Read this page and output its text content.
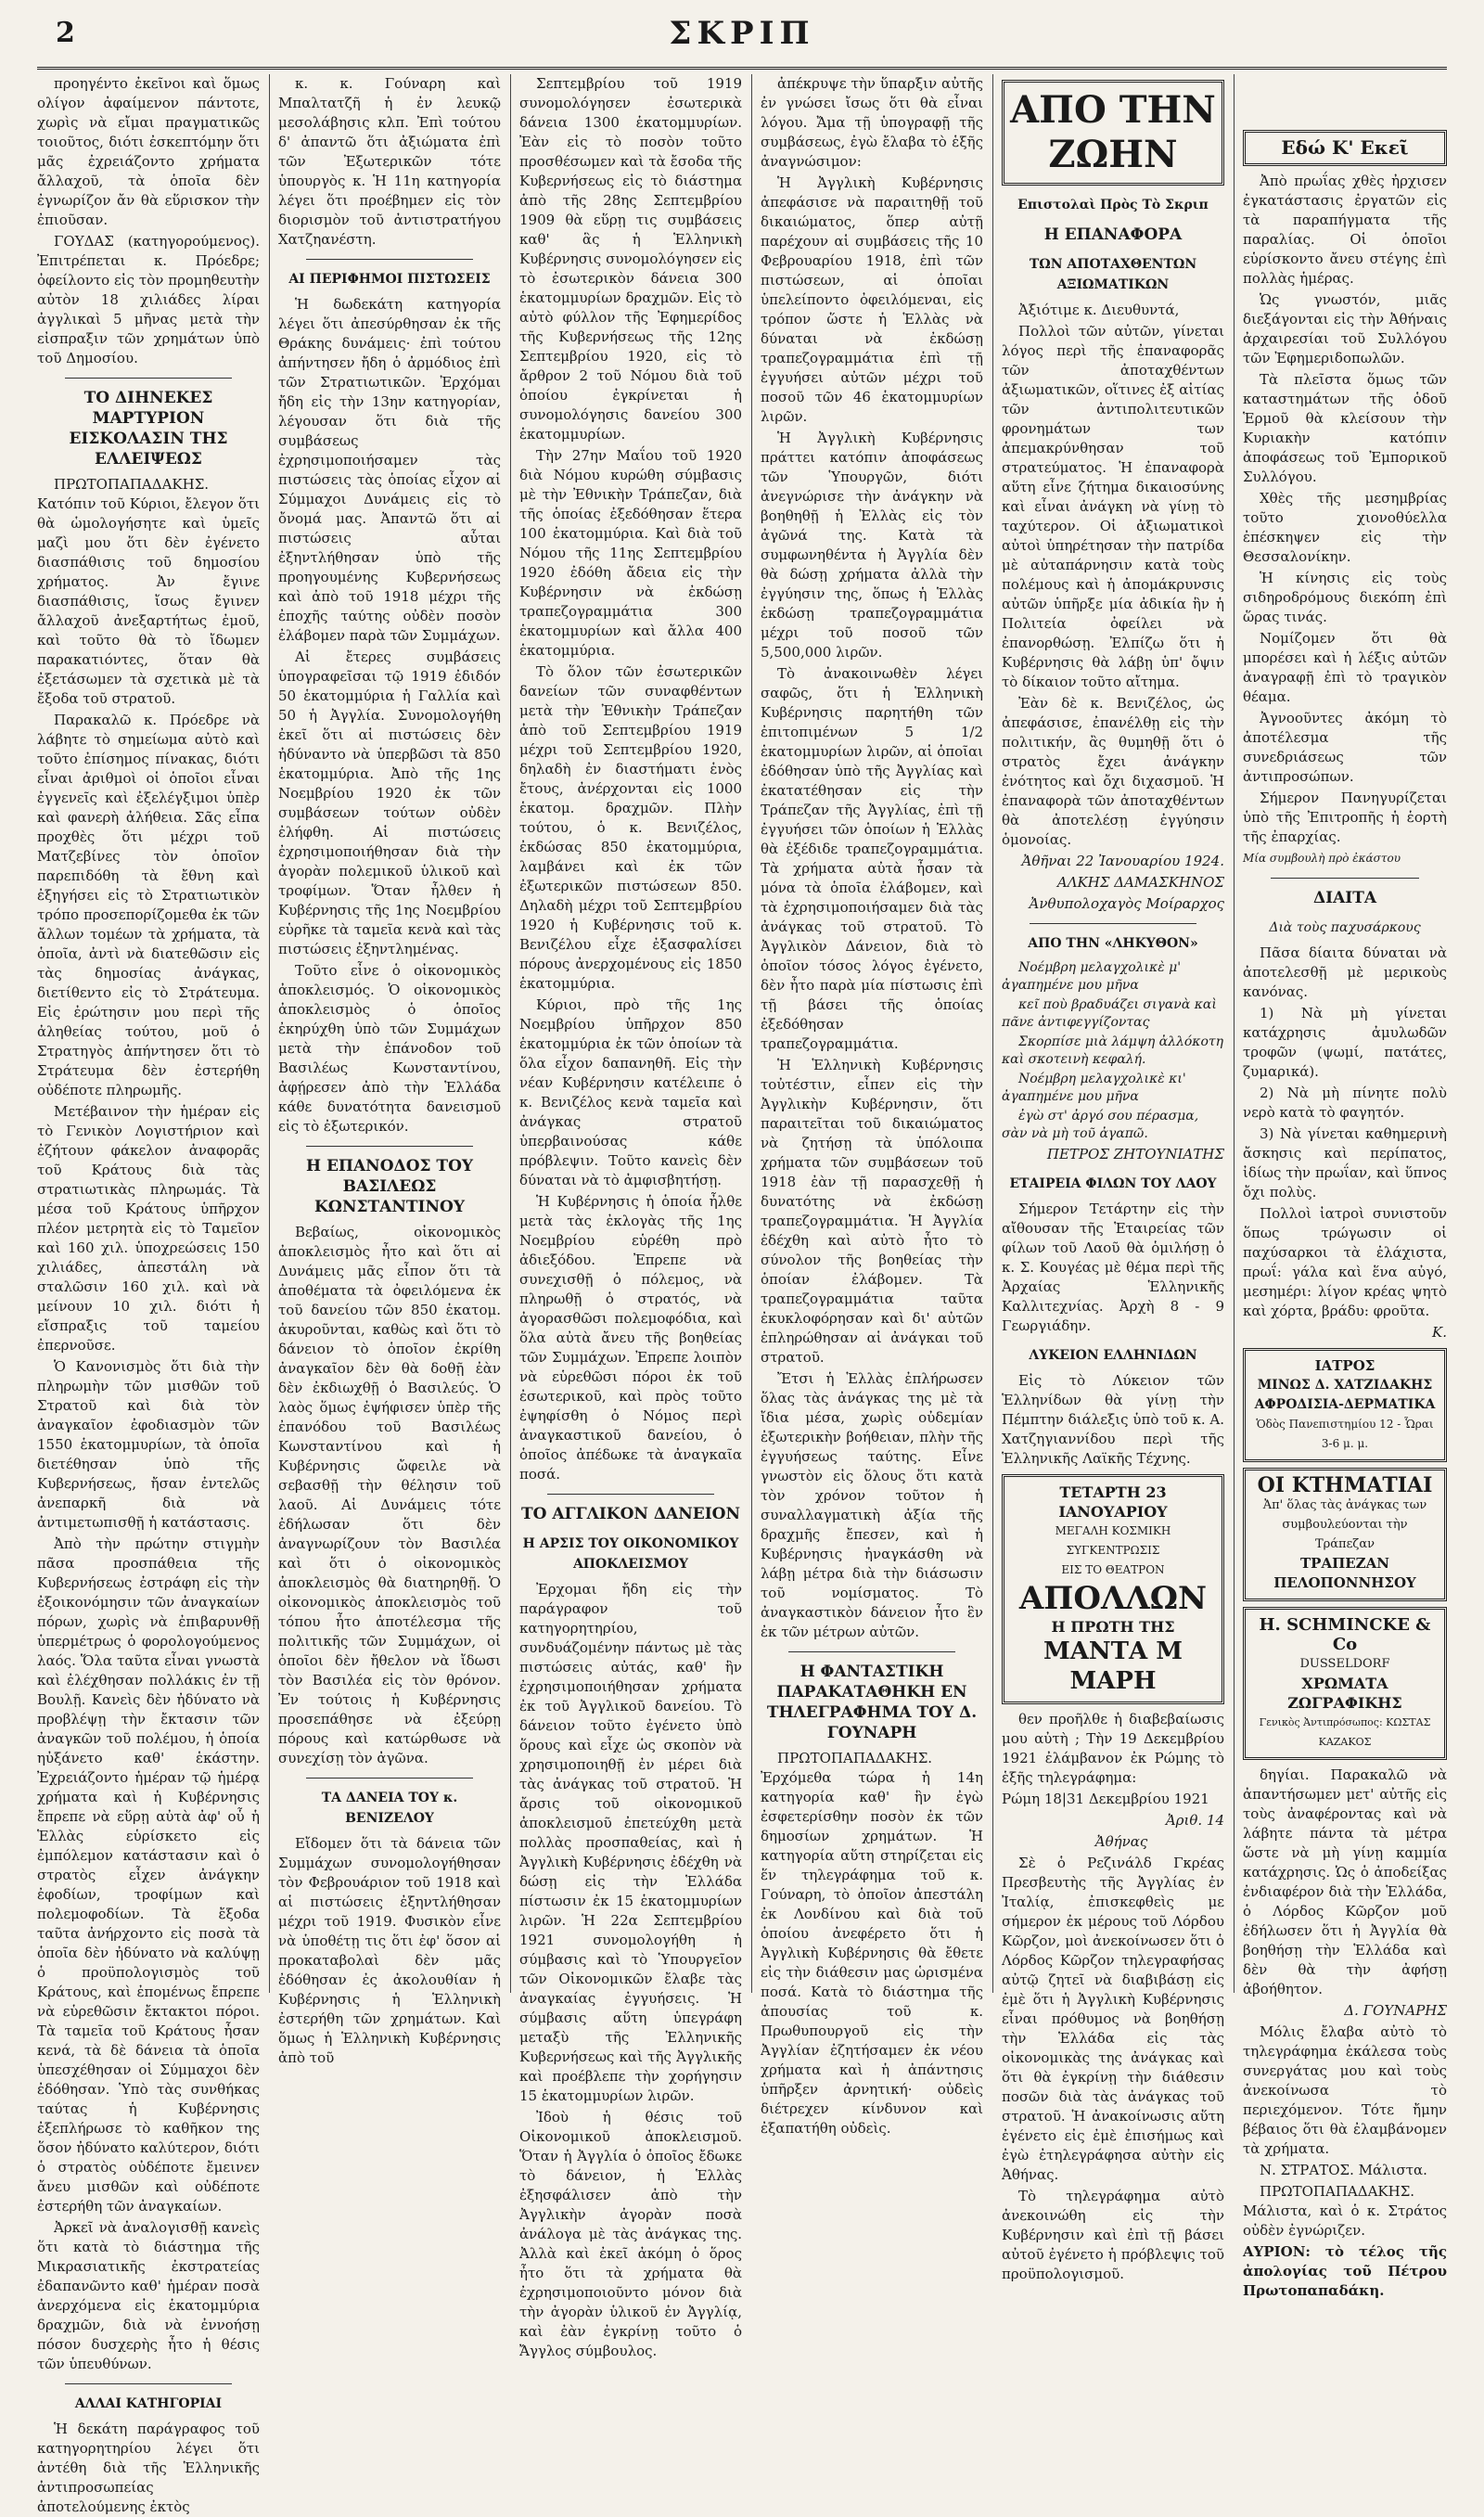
2	ΣΚΡΙΠ

προηγέντο ἐκεῖνοι καὶ ὅμως ολίγον ἀφαίμενον πάντοτε, χωρὶς νὰ εἴμαι πραγματικῶς τοιοῦτος, διότι ἐσκεπτόμην ὅτι μᾶς ἐχρειάζοντο χρήματα ἄλλαχοῦ, τὰ ὁποῖα δὲν ἐγνωρίζον ἄν θὰ εὕρισκον τὴν ἐπιοῦσαν.

ΓΟΥΔΑΣ (κατηγορούμενος). Ἐπιτρέπεται κ. Πρόεδρε; ὀφείλοντο εἰς τὸν προμηθευτὴν αὐτὸν 18 χιλιάδες λίραι ἀγγλικαὶ 5 μῆνας μετὰ τὴν εἰσπραξιν τῶν χρημάτων ὑπὸ τοῦ Δημοσίου.

ΤΟ ΔΙΗΝΕΚΕΣ ΜΑΡΤΥΡΙΟΝ ΕΙΣΚΟΛΑΣΙΝ ΤΗΣ ΕΛΛΕΙΨΕΩΣ

ΠΡΩΤΟΠΑΠΑΔΑΚΗΣ. Κατόπιν τοῦ Κύριοι, ἔλεγον ὅτι θὰ ὡμολογήσητε καὶ ὑμεῖς μαζὶ μου ὅτι δὲν ἐγένετο διασπάθισις τοῦ δημοσίου χρήματος. Ἀν ἔγινε διασπάθισις, ἴσως ἔγινεν ἄλλαχοῦ ἀνεξαρτήτως ἐμοῦ, καὶ τοῦτο θὰ τὸ ἴδωμεν παρακατιόντες, ὅταν θὰ ἐξετάσωμεν τὰ σχετικὰ μὲ τὰ ἔξοδα τοῦ στρατοῦ.

Παρακαλῶ κ. Πρόεδρε νὰ λάβητε τὸ σημείωμα αὐτὸ καὶ τοῦτο ἐπίσημος πίνακας, διότι εἶναι ἀριθμοὶ οἱ ὁποῖοι εἶναι ἐγγενεῖς καὶ ἐξελέγξιμοι ὑπὲρ καὶ φανερὴ ἀλήθεια. Σᾶς εἶπα προχθὲς ὅτι μέχρι τοῦ Ματζεβίνες τὸν ὁποῖον παρεπιδόθη τὰ ἔθνη καὶ ἐξηγήσει εἰς τὸ Στρατιωτικὸν τρόπο προσεπορίζομεθα ἐκ τῶν ἄλλων τομέων τὰ χρήματα, τὰ ὁποῖα, ἀντὶ νὰ διατεθῶσιν εἰς τὰς δημοσίας ἀνάγκας, διετίθεντο εἰς τὸ Στράτευμα. Εἰς ἐρώτησιν μου περὶ τῆς ἀληθείας τούτου, μοῦ ὁ Στρατηγὸς ἀπήντησεν ὅτι τὸ Στράτευμα δὲν ἐστερήθη οὐδέποτε πληρωμῆς.

Μετέβαινον τὴν ἡμέραν εἰς τὸ Γενικὸν Λογιστήριον καὶ ἐζήτουν φάκελον ἀναφορᾶς τοῦ Κράτους διὰ τὰς στρατιωτικὰς πληρωμάς. Τὰ μέσα τοῦ Κράτους ὑπῆρχον πλέον μετρητὰ εἰς τὸ Ταμεῖον καὶ 160 χιλ. ὑποχρεώσεις 150 χιλιάδες, ἀπεστάλη νὰ σταλῶσιν 160 χιλ. καὶ νὰ μείνουν 10 χιλ. διότι ἡ εἴσπραξις τοῦ ταμείου ἐπερνοῦσε.

Ὁ Κανονισμὸς ὅτι διὰ τὴν πληρωμὴν τῶν μισθῶν τοῦ Στρατοῦ καὶ διὰ τὸν ἀναγκαῖον ἐφοδιασμὸν τῶν 1550 ἑκατομμυρίων, τὰ ὁποῖα διετέθησαν ὑπὸ τῆς Κυβερνήσεως, ἤσαν ἐντελῶς ἀνεπαρκῆ διὰ νὰ ἀντιμετωπισθῇ ἡ κατάστασις.

Ἀπὸ τὴν πρώτην στιγμὴν πᾶσα προσπάθεια τῆς Κυβερνήσεως ἐστράφη εἰς τὴν ἐξοικονόμησιν τῶν ἀναγκαίων πόρων, χωρὶς νὰ ἐπιβαρυνθῇ ὑπερμέτρως ὁ φορολογούμενος λαός. Ὅλα ταῦτα εἶναι γνωστὰ καὶ ἐλέχθησαν πολλάκις ἐν τῇ Βουλῇ. Κανεὶς δὲν ἠδύνατο νὰ προβλέψῃ τὴν ἔκτασιν τῶν ἀναγκῶν τοῦ πολέμου, ἡ ὁποία ηὐξάνετο καθ' ἑκάστην. Ἐχρειάζοντο ἡμέραν τῷ ἡμέρᾳ χρήματα καὶ ἡ Κυβέρνησις ἔπρεπε νὰ εὕρῃ αὐτὰ ἀφ' οὗ ἡ Ἑλλὰς εὑρίσκετο εἰς ἐμπόλεμον κατάστασιν καὶ ὁ στρατὸς εἶχεν ἀνάγκην ἐφοδίων, τροφίμων καὶ πολεμοφοδίων. Τὰ ἔξοδα ταῦτα ἀνήρχοντο εἰς ποσὰ τὰ ὁποῖα δὲν ἠδύνατο νὰ καλύψῃ ὁ προϋπολογισμὸς τοῦ Κράτους, καὶ ἐπομένως ἔπρεπε νὰ εὑρεθῶσιν ἔκτακτοι πόροι. Τὰ ταμεῖα τοῦ Κράτους ἦσαν κενά, τὰ δὲ δάνεια τὰ ὁποῖα ὑπεσχέθησαν οἱ Σύμμαχοι δὲν ἐδόθησαν. Ὑπὸ τὰς συνθήκας ταύτας ἡ Κυβέρνησις ἐξεπλήρωσε τὸ καθῆκον της ὅσον ἠδύνατο καλύτερον, διότι ὁ στρατὸς οὐδέποτε ἔμεινεν ἄνευ μισθῶν καὶ οὐδέποτε ἐστερήθη τῶν ἀναγκαίων.

Ἀρκεῖ νὰ ἀναλογισθῇ κανεὶς ὅτι κατὰ τὸ διάστημα τῆς Μικρασιατικῆς ἐκστρατείας ἐδαπανῶντο καθ' ἡμέραν ποσὰ ἀνερχόμενα εἰς ἑκατομμύρια δραχμῶν, διὰ νὰ ἐννοήσῃ πόσον δυσχερὴς ἦτο ἡ θέσις τῶν ὑπευθύνων.

ΑΛΛΑΙ ΚΑΤΗΓΟΡΙΑΙ

Ἡ δεκάτη παράγραφος τοῦ κατηγορητηρίου λέγει ὅτι ἀντέθη διὰ τῆς Ἑλληνικῆς ἀντιπροσωπείας ἀποτελούμενης ἐκτὸς

κ. κ. Γούναρη καὶ Μπαλτατζῆ ἡ ἐν λευκῷ μεσολάβησις κλπ. Ἐπὶ τούτου δ' ἀπαντῶ ὅτι ἀξιώματα ἐπὶ τῶν Ἐξωτερικῶν τότε ὑπουργὸς κ. Ἡ 11η κατηγορία λέγει ὅτι προέβημεν εἰς τὸν διορισμὸν τοῦ ἀντιστρατήγου Χατζηανέστη.

ΑΙ ΠΕΡΙΦΗΜΟΙ ΠΙΣΤΩΣΕΙΣ

Ἡ δωδεκάτη κατηγορία λέγει ὅτι ἀπεσύρθησαν ἐκ τῆς Θράκης δυνάμεις· ἐπὶ τούτου ἀπήντησεν ἤδη ὁ ἀρμόδιος ἐπὶ τῶν Στρατιωτικῶν. Ἐρχόμαι ἤδη εἰς τὴν 13ην κατηγορίαν, λέγουσαν ὅτι διὰ τῆς συμβάσεως ἐχρησιμοποιήσαμεν τὰς πιστώσεις τὰς ὁποίας εἶχον αἱ Σύμμαχοι Δυνάμεις εἰς τὸ ὄνομά μας. Ἀπαντῶ ὅτι αἱ πιστώσεις αὗται ἐξηντλήθησαν ὑπὸ τῆς προηγουμένης Κυβερνήσεως καὶ ἀπὸ τοῦ 1918 μέχρι τῆς ἐποχῆς ταύτης οὐδὲν ποσὸν ἐλάβομεν παρὰ τῶν Συμμάχων.

Αἱ ἔτερες συμβάσεις ὑπογραφεῖσαι τῷ 1919 ἐδιδόν 50 ἑκατομμύρια ἡ Γαλλία καὶ 50 ἡ Ἀγγλία. Συνομολογήθη ἐκεῖ ὅτι αἱ πιστώσεις δὲν ἠδύναντο νὰ ὑπερβῶσι τὰ 850 ἑκατομμύρια. Ἀπὸ τῆς 1ης Νοεμβρίου 1920 ἐκ τῶν συμβάσεων τούτων οὐδὲν ἐλήφθη. Αἱ πιστώσεις ἐχρησιμοποιήθησαν διὰ τὴν ἀγορὰν πολεμικοῦ ὑλικοῦ καὶ τροφίμων. Ὅταν ἦλθεν ἡ Κυβέρνησις τῆς 1ης Νοεμβρίου εὑρῆκε τὰ ταμεῖα κενὰ καὶ τὰς πιστώσεις ἐξηντλημένας.

Τοῦτο εἶνε ὁ οἰκονομικὸς ἀποκλεισμός. Ὁ οἰκονομικὸς ἀποκλεισμὸς ὁ ὁποῖος ἐκηρύχθη ὑπὸ τῶν Συμμάχων μετὰ τὴν ἐπάνοδον τοῦ Βασιλέως Κωνσταντίνου, ἀφῄρεσεν ἀπὸ τὴν Ἑλλάδα κάθε δυνατότητα δανεισμοῦ εἰς τὸ ἐξωτερικόν.

Η ΕΠΑΝΟΔΟΣ ΤΟΥ ΒΑΣΙΛΕΩΣ ΚΩΝΣΤΑΝΤΙΝΟΥ

Βεβαίως, οἰκονομικὸς ἀποκλεισμὸς ἦτο καὶ ὅτι αἱ Δυνάμεις μᾶς εἶπον ὅτι τὰ ἀποθέματα τὰ ὀφειλόμενα ἐκ τοῦ δανείου τῶν 850 ἑκατομ. ἀκυροῦνται, καθὼς καὶ ὅτι τὸ δάνειον τὸ ὁποῖον ἐκρίθη ἀναγκαῖον δὲν θὰ δοθῇ ἐὰν δὲν ἐκδιωχθῇ ὁ Βασιλεύς. Ὁ λαὸς ὅμως ἐψήφισεν ὑπὲρ τῆς ἐπανόδου τοῦ Βασιλέως Κωνσταντίνου καὶ ἡ Κυβέρνησις ὤφειλε νὰ σεβασθῇ τὴν θέλησιν τοῦ λαοῦ. Αἱ Δυνάμεις τότε ἐδήλωσαν ὅτι δὲν ἀναγνωρίζουν τὸν Βασιλέα καὶ ὅτι ὁ οἰκονομικὸς ἀποκλεισμὸς θὰ διατηρηθῇ. Ὁ οἰκονομικὸς ἀποκλεισμὸς τοῦ τόπου ἦτο ἀποτέλεσμα τῆς πολιτικῆς τῶν Συμμάχων, οἱ ὁποῖοι δὲν ἤθελον νὰ ἴδωσι τὸν Βασιλέα εἰς τὸν θρόνον. Ἐν τούτοις ἡ Κυβέρνησις προσεπάθησε νὰ ἐξεύρῃ πόρους καὶ κατώρθωσε νὰ συνεχίσῃ τὸν ἀγῶνα.

ΤΑ ΔΑΝΕΙΑ ΤΟΥ κ. ΒΕΝΙΖΕΛΟΥ

Εἴδομεν ὅτι τὰ δάνεια τῶν Συμμάχων συνομολογήθησαν τὸν Φεβρουάριον τοῦ 1918 καὶ αἱ πιστώσεις ἐξηντλήθησαν μέχρι τοῦ 1919. Φυσικὸν εἶνε νὰ ὑποθέτῃ τις ὅτι ἐφ' ὅσον αἱ προκαταβολαὶ δὲν μᾶς ἐδόθησαν ἐς ἀκολουθίαν ἡ Κυβέρνησις ἡ Ἑλληνικὴ ἐστερήθη τῶν χρημάτων. Καὶ ὅμως ἡ Ἑλληνικὴ Κυβέρνησις ἀπὸ τοῦ

Σεπτεμβρίου τοῦ 1919 συνομολόγησεν ἐσωτερικὰ δάνεια 1300 ἑκατομμυρίων. Ἐὰν εἰς τὸ ποσὸν τοῦτο προσθέσωμεν καὶ τὰ ἔσοδα τῆς Κυβερνήσεως εἰς τὸ διάστημα ἀπὸ τῆς 28ης Σεπτεμβρίου 1909 θὰ εὕρῃ τις συμβάσεις καθ' ἃς ἡ Ἑλληνικὴ Κυβέρνησις συνομολόγησεν εἰς τὸ ἐσωτερικὸν δάνεια 300 ἑκατομμυρίων δραχμῶν. Εἰς τὸ αὐτὸ φύλλον τῆς Ἐφημερίδος τῆς Κυβερνήσεως τῆς 12ης Σεπτεμβρίου 1920, εἰς τὸ ἄρθρον 2 τοῦ Νόμου διὰ τοῦ ὁποίου ἐγκρίνεται ἡ συνομολόγησις δανείου 300 ἑκατομμυρίων.

Τὴν 27ην Μαΐου τοῦ 1920 διὰ Νόμου κυρώθη σύμβασις μὲ τὴν Ἐθνικὴν Τράπεζαν, διὰ τῆς ὁποίας ἐξεδόθησαν ἕτερα 100 ἑκατομμύρια. Καὶ διὰ τοῦ Νόμου τῆς 11ης Σεπτεμβρίου 1920 ἐδόθη ἄδεια εἰς τὴν Κυβέρνησιν νὰ ἐκδώσῃ τραπεζογραμμάτια 300 ἑκατομμυρίων καὶ ἄλλα 400 ἑκατομμύρια.

Τὸ ὅλον τῶν ἐσωτερικῶν δανείων τῶν συναφθέντων μετὰ τὴν Ἐθνικὴν Τράπεζαν ἀπὸ τοῦ Σεπτεμβρίου 1919 μέχρι τοῦ Σεπτεμβρίου 1920, δηλαδὴ ἐν διαστήματι ἑνὸς ἔτους, ἀνέρχονται εἰς 1000 ἑκατομ. δραχμῶν. Πλὴν τούτου, ὁ κ. Βενιζέλος, ἐκδώσας 850 ἑκατομμύρια, λαμβάνει καὶ ἐκ τῶν ἐξωτερικῶν πιστώσεων 850. Δηλαδὴ μέχρι τοῦ Σεπτεμβρίου 1920 ἡ Κυβέρνησις τοῦ κ. Βενιζέλου εἶχε ἐξασφαλίσει πόρους ἀνερχομένους εἰς 1850 ἑκατομμύρια.

Κύριοι, πρὸ τῆς 1ης Νοεμβρίου ὑπῆρχον 850 ἑκατομμύρια ἐκ τῶν ὁποίων τὰ ὅλα εἶχον δαπανηθῆ. Εἰς τὴν νέαν Κυβέρνησιν κατέλειπε ὁ κ. Βενιζέλος κενὰ ταμεῖα καὶ ἀνάγκας στρατοῦ ὑπερβαινούσας κάθε πρόβλεψιν. Τοῦτο κανεὶς δὲν δύναται νὰ τὸ ἀμφισβητήσῃ.

Ἡ Κυβέρνησις ἡ ὁποία ἦλθε μετὰ τὰς ἐκλογὰς τῆς 1ης Νοεμβρίου εὑρέθη πρὸ ἀδιεξόδου. Ἐπρεπε νὰ συνεχισθῇ ὁ πόλεμος, νὰ πληρωθῇ ὁ στρατός, νὰ ἀγορασθῶσι πολεμοφόδια, καὶ ὅλα αὐτὰ ἄνευ τῆς βοηθείας τῶν Συμμάχων. Ἐπρεπε λοιπὸν νὰ εὑρεθῶσι πόροι ἐκ τοῦ ἐσωτερικοῦ, καὶ πρὸς τοῦτο ἐψηφίσθη ὁ Νόμος περὶ ἀναγκαστικοῦ δανείου, ὁ ὁποῖος ἀπέδωκε τὰ ἀναγκαῖα ποσά.

ΤΟ ΑΓΓΛΙΚΟΝ ΔΑΝΕΙΟΝ
Η ΑΡΣΙΣ ΤΟΥ ΟΙΚΟΝΟΜΙΚΟΥ ΑΠΟΚΛΕΙΣΜΟΥ

Ἐρχομαι ἤδη εἰς τὴν παράγραφον τοῦ κατηγορητηρίου, συνδυάζομένην πάντως μὲ τὰς πιστώσεις αὐτάς, καθ' ἣν ἐχρησιμοποιήθησαν χρήματα ἐκ τοῦ Ἀγγλικοῦ δανείου. Τὸ δάνειον τοῦτο ἐγένετο ὑπὸ ὅρους καὶ εἶχε ὡς σκοπὸν νὰ χρησιμοποιηθῇ ἐν μέρει διὰ τὰς ἀνάγκας τοῦ στρατοῦ. Ἡ ἄρσις τοῦ οἰκονομικοῦ ἀποκλεισμοῦ ἐπετεύχθη μετὰ πολλὰς προσπαθείας, καὶ ἡ Ἀγγλικὴ Κυβέρνησις ἐδέχθη νὰ δώσῃ εἰς τὴν Ἑλλάδα πίστωσιν ἐκ 15 ἑκατομμυρίων λιρῶν. Ἡ 22α Σεπτεμβρίου 1921 συνομολογήθη ἡ σύμβασις καὶ τὸ Ὑπουργεῖον τῶν Οἰκονομικῶν ἔλαβε τὰς ἀναγκαίας ἐγγυήσεις. Ἡ σύμβασις αὕτη ὑπεγράφη μεταξὺ τῆς Ἑλληνικῆς Κυβερνήσεως καὶ τῆς Ἀγγλικῆς καὶ προέβλεπε τὴν χορήγησιν 15 ἑκατομμυρίων λιρῶν.

Ἰδοὺ ἡ θέσις τοῦ Οἰκονομικοῦ ἀποκλεισμοῦ. Ὅταν ἡ Ἀγγλία ὁ ὁποῖος ἔδωκε τὸ δάνειον, ἡ Ἑλλὰς ἐξησφάλισεν ἀπὸ τὴν Ἀγγλικὴν ἀγορὰν ποσὰ ἀνάλογα μὲ τὰς ἀνάγκας της. Ἀλλὰ καὶ ἐκεῖ ἀκόμη ὁ ὅρος ἦτο ὅτι τὰ χρήματα θὰ ἐχρησιμοποιοῦντο μόνον διὰ τὴν ἀγορὰν ὑλικοῦ ἐν Ἀγγλίᾳ, καὶ ἐὰν ἐγκρίνῃ τοῦτο ὁ Ἄγγλος σύμβουλος.

ἀπέκρυψε τὴν ὕπαρξιν αὐτῆς ἐν γνώσει ἴσως ὅτι θὰ εἶναι λόγου. Ἄμα τῇ ὑπογραφῇ τῆς συμβάσεως, ἐγὼ ἔλαβα τὸ ἑξῆς ἀναγνώσιμον:

Ἡ Ἀγγλικὴ Κυβέρνησις ἀπεφάσισε νὰ παραιτηθῇ τοῦ δικαιώματος, ὅπερ αὐτῇ παρέχουν αἱ συμβάσεις τῆς 10 Φεβρουαρίου 1918, ἐπὶ τῶν πιστώσεων, αἱ ὁποῖαι ὑπελείποντο ὀφειλόμεναι, εἰς τρόπον ὥστε ἡ Ἑλλὰς νὰ δύναται νὰ ἐκδώσῃ τραπεζογραμμάτια ἐπὶ τῇ ἐγγυήσει αὐτῶν μέχρι τοῦ ποσοῦ τῶν 46 ἑκατομμυρίων λιρῶν.

Ἡ Ἀγγλικὴ Κυβέρνησις πράττει κατόπιν ἀποφάσεως τῶν Ὑπουργῶν, διότι ἀνεγνώρισε τὴν ἀνάγκην νὰ βοηθηθῇ ἡ Ἑλλὰς εἰς τὸν ἀγῶνά της. Κατὰ τὰ συμφωνηθέντα ἡ Ἀγγλία δὲν θὰ δώσῃ χρήματα ἀλλὰ τὴν ἐγγύησιν της, ὅπως ἡ Ἑλλὰς ἐκδώσῃ τραπεζογραμμάτια μέχρι τοῦ ποσοῦ τῶν 5,500,000 λιρῶν.

Τὸ ἀνακοινωθὲν λέγει σαφῶς, ὅτι ἡ Ἑλληνικὴ Κυβέρνησις παρητήθη τῶν ἐπιτοπιμένων 5 1/2 ἑκατομμυρίων λιρῶν, αἱ ὁποῖαι ἐδόθησαν ὑπὸ τῆς Ἀγγλίας καὶ ἐκατατέθησαν εἰς τὴν Τράπεζαν τῆς Ἀγγλίας, ἐπὶ τῇ ἐγγυήσει τῶν ὁποίων ἡ Ἑλλὰς θὰ ἐξέδιδε τραπεζογραμμάτια. Τὰ χρήματα αὐτὰ ἦσαν τὰ μόνα τὰ ὁποῖα ἐλάβομεν, καὶ τὰ ἐχρησιμοποιήσαμεν διὰ τὰς ἀνάγκας τοῦ στρατοῦ. Τὸ Ἀγγλικὸν Δάνειον, διὰ τὸ ὁποῖον τόσος λόγος ἐγένετο, δὲν ἦτο παρὰ μία πίστωσις ἐπὶ τῇ βάσει τῆς ὁποίας ἐξεδόθησαν τραπεζογραμμάτια.

Ἡ Ἑλληνικὴ Κυβέρνησις τοὐτέστιν, εἶπεν εἰς τὴν Ἀγγλικὴν Κυβέρνησιν, ὅτι παραιτεῖται τοῦ δικαιώματος νὰ ζητήσῃ τὰ ὑπόλοιπα χρήματα τῶν συμβάσεων τοῦ 1918 ἐὰν τῇ παρασχεθῇ ἡ δυνατότης νὰ ἐκδώσῃ τραπεζογραμμάτια. Ἡ Ἀγγλία ἐδέχθη καὶ αὐτὸ ἦτο τὸ σύνολον τῆς βοηθείας τὴν ὁποίαν ἐλάβομεν. Τὰ τραπεζογραμμάτια ταῦτα ἐκυκλοφόρησαν καὶ δι' αὐτῶν ἐπληρώθησαν αἱ ἀνάγκαι τοῦ στρατοῦ.

Ἔτσι ἡ Ἑλλὰς ἐπλήρωσεν ὅλας τὰς ἀνάγκας της μὲ τὰ ἴδια μέσα, χωρὶς οὐδεμίαν ἐξωτερικὴν βοήθειαν, πλὴν τῆς ἐγγυήσεως ταύτης. Εἶνε γνωστὸν εἰς ὅλους ὅτι κατὰ τὸν χρόνον τοῦτον ἡ συναλλαγματικὴ ἀξία τῆς δραχμῆς ἔπεσεν, καὶ ἡ Κυβέρνησις ἠναγκάσθη νὰ λάβῃ μέτρα διὰ τὴν διάσωσιν τοῦ νομίσματος. Τὸ ἀναγκαστικὸν δάνειον ἦτο ἓν ἐκ τῶν μέτρων αὐτῶν.

Η ΦΑΝΤΑΣΤΙΚΗ ΠΑΡΑΚΑΤΑΘΗΚΗ ΕΝ ΤΗΛΕΓΡΑΦΗΜΑ ΤΟΥ Δ. ΓΟΥΝΑΡΗ

ΠΡΩΤΟΠΑΠΑΔΑΚΗΣ. Ἐρχόμεθα τώρα ἡ 14η κατηγορία καθ' ἣν ἐγὼ ἐσφετερίσθην ποσὸν ἐκ τῶν δημοσίων χρημάτων. Ἡ κατηγορία αὕτη στηρίζεται εἰς ἕν τηλεγράφημα τοῦ κ. Γούναρη, τὸ ὁποῖον ἀπεστάλη ἐκ Λονδίνου καὶ διὰ τοῦ ὁποίου ἀνεφέρετο ὅτι ἡ Ἀγγλικὴ Κυβέρνησις θὰ ἔθετε εἰς τὴν διάθεσιν μας ὡρισμένα ποσά. Κατὰ τὸ διάστημα τῆς ἀπουσίας τοῦ κ. Πρωθυπουργοῦ εἰς τὴν Ἀγγλίαν ἐζητήσαμεν ἐκ νέου χρήματα καὶ ἡ ἀπάντησις ὑπῆρξεν ἀρνητική· οὐδεὶς διέτρεχεν κίνδυνον καὶ ἐξαπατήθη οὐδεὶς.

ΑΠΟ ΤΗΝ ΖΩΗΝ
Επιστολαὶ Πρὸς Τὸ Σκριπ
Η ΕΠΑΝΑΦΟΡΑ
ΤΩΝ ΑΠΟΤΑΧΘΕΝΤΩΝ ΑΞΙΩΜΑΤΙΚΩΝ

Ἀξιότιμε κ. Διευθυντά,

Πολλοὶ τῶν αὐτῶν, γίνεται λόγος περὶ τῆς ἐπαναφορᾶς τῶν ἀποταχθέντων ἀξιωματικῶν, οἵτινες ἐξ αἰτίας τῶν ἀντιπολιτευτικῶν φρονημάτων των ἀπεμακρύνθησαν τοῦ στρατεύματος. Ἡ ἐπαναφορὰ αὕτη εἶνε ζήτημα δικαιοσύνης καὶ εἶναι ἀνάγκη νὰ γίνῃ τὸ ταχύτερον. Οἱ ἀξιωματικοὶ αὐτοὶ ὑπηρέτησαν τὴν πατρίδα μὲ αὐταπάρνησιν κατὰ τοὺς πολέμους καὶ ἡ ἀπομάκρυνσις αὐτῶν ὑπῆρξε μία ἀδικία ἣν ἡ Πολιτεία ὀφείλει νὰ ἐπανορθώσῃ. Ἐλπίζω ὅτι ἡ Κυβέρνησις θὰ λάβῃ ὑπ' ὄψιν τὸ δίκαιον τοῦτο αἴτημα.

Ἐὰν δὲ κ. Βενιζέλος, ὡς ἀπεφάσισε, ἐπανέλθῃ εἰς τὴν πολιτικήν, ἂς θυμηθῇ ὅτι ὁ στρατὸς ἔχει ἀνάγκην ἐνότητος καὶ ὄχι διχασμοῦ. Ἡ ἐπαναφορὰ τῶν ἀποταχθέντων θὰ ἀποτελέσῃ ἐγγύησιν ὁμονοίας.

Ἀθῆναι 22 Ἰανουαρίου 1924.

ΑΛΚΗΣ ΔΑΜΑΣΚΗΝΟΣ

Ἀνθυπολοχαγὸς Μοίραρχος

ΑΠΟ ΤΗΝ «ΛΗΚΥΘΟΝ»

Νοέμβρη μελαγχολικὲ μ' ἀγαπημένε μου μῆνα

κεῖ ποὺ βραδυάζει σιγανὰ καὶ πᾶνε ἀντιφεγγίζοντας

Σκορπίσε μιὰ λάμψη ἀλλόκοτη καὶ σκοτεινὴ κεφαλή.

Νοέμβρη μελαγχολικὲ κι' ἀγαπημένε μου μῆνα

ἐγὼ στ' ἀργό σου πέρασμα, σὰν νὰ μὴ τοῦ ἀγαπῶ.

ΠΕΤΡΟΣ ΖΗΤΟΥΝΙΑΤΗΣ

ΕΤΑΙΡΕΙΑ ΦΙΛΩΝ ΤΟΥ ΛΑΟΥ

Σήμερον Τετάρτην εἰς τὴν αἴθουσαν τῆς Ἑταιρείας τῶν φίλων τοῦ Λαοῦ θὰ ὁμιλήσῃ ὁ κ. Σ. Κουγέας μὲ θέμα περὶ τῆς Ἀρχαίας Ἑλληνικῆς Καλλιτεχνίας. Ἀρχὴ 8 - 9 Γεωργιάδην.

ΛΥΚΕΙΟΝ ΕΛΛΗΝΙΔΩΝ

Εἰς τὸ Λύκειον τῶν Ἑλληνίδων θὰ γίνῃ τὴν Πέμπτην διάλεξις ὑπὸ τοῦ κ. Α. Χατζηγιαννίδου περὶ τῆς Ἑλληνικῆς Λαϊκῆς Τέχνης.

ΤΕΤΑΡΤΗ 23 ΙΑΝΟΥΑΡΙΟΥ
ΜΕΓΑΛΗ ΚΟΣΜΙΚΗ ΣΥΓΚΕΝΤΡΩΣΙΣ
ΕΙΣ ΤΟ ΘΕΑΤΡΟΝ
ΑΠΟΛΛΩΝ
Η ΠΡΩΤΗ ΤΗΣ
ΜΑΝΤΑ Μ ΜΑΡΗ

θεν προῆλθε ἡ διαβεβαίωσις μου αὐτὴ ; Τὴν 19 Δεκεμβρίου 1921 ἐλάμβανον ἐκ Ρώμης τὸ ἑξῆς τηλεγράφημα:

Ρώμη 18|31 Δεκεμβρίου 1921

Ἀριθ. 14

Ἀθήνας

Σὲ ὁ Ρεζινάλδ Γκρέας Πρεσβευτὴς τῆς Ἀγγλίας ἐν Ἰταλίᾳ, ἐπισκεφθεὶς με σήμερον ἐκ μέρους τοῦ Λόρδου Κῶρζον, μοὶ ἀνεκοίνωσεν ὅτι ὁ Λόρδος Κῶρζον τηλεγραφήσας αὐτῷ ζητεῖ νὰ διαβιβάσῃ εἰς ἐμὲ ὅτι ἡ Ἀγγλικὴ Κυβέρνησις εἶναι πρόθυμος νὰ βοηθήσῃ τὴν Ἑλλάδα εἰς τὰς οἰκονομικὰς της ἀνάγκας καὶ ὅτι θὰ ἐγκρίνῃ τὴν διάθεσιν ποσῶν διὰ τὰς ἀνάγκας τοῦ στρατοῦ. Ἡ ἀνακοίνωσις αὕτη ἐγένετο εἰς ἐμὲ ἐπισήμως καὶ ἐγὼ ἐτηλεγράφησα αὐτὴν εἰς Ἀθήνας.

Τὸ τηλεγράφημα αὐτὸ ἀνεκοινώθη εἰς τὴν Κυβέρνησιν καὶ ἐπὶ τῇ βάσει αὐτοῦ ἐγένετο ἡ πρόβλεψις τοῦ προϋπολογισμοῦ.

Εδώ Κ' Εκεῖ

Ἀπὸ πρωΐας χθὲς ἠρχισεν ἐγκατάστασις ἐργατῶν εἰς τὰ παραπήγματα τῆς παραλίας. Οἱ ὁποῖοι εὑρίσκοντο ἄνευ στέγης ἐπὶ πολλὰς ἡμέρας.

Ὡς γνωστόν, μιᾶς διεξάγονται εἰς τὴν Ἀθήναις ἀρχαιρεσίαι τοῦ Συλλόγου τῶν Ἐφημεριδοπωλῶν.

Τὰ πλεῖστα ὅμως τῶν καταστημάτων τῆς ὁδοῦ Ἑρμοῦ θὰ κλείσουν τὴν Κυριακὴν κατόπιν ἀποφάσεως τοῦ Ἐμπορικοῦ Συλλόγου.

Χθὲς τῆς μεσημβρίας τοῦτο χιονοθύελλα ἐπέσκηψεν εἰς τὴν Θεσσαλονίκην.

Ἡ κίνησις εἰς τοὺς σιδηροδρόμους διεκόπη ἐπὶ ὥρας τινάς.

Νομίζομεν ὅτι θὰ μπορέσει καὶ ἡ λέξις αὐτῶν ἀναγραφῇ ἐπὶ τὸ τραγικὸν θέαμα.

Ἀγνοοῦντες ἀκόμη τὸ ἀποτέλεσμα τῆς συνεδριάσεως τῶν ἀντιπροσώπων.

Σήμερον Πανηγυρίζεται ὑπὸ τῆς Ἐπιτροπῆς ἡ ἑορτὴ τῆς ἐπαρχίας.

Μία συμβουλὴ πρὸ ἐκάστου

ΔΙΑΙΤΑ
Διὰ τοὺς παχυσάρκους

Πᾶσα δίαιτα δύναται νὰ ἀποτελεσθῇ μὲ μερικοὺς κανόνας.

1) Νὰ μὴ γίνεται κατάχρησις ἀμυλωδῶν τροφῶν (ψωμί, πατάτες, ζυμαρικά).

2) Νὰ μὴ πίνητε πολὺ νερὸ κατὰ τὸ φαγητόν.

3) Νὰ γίνεται καθημερινὴ ἄσκησις καὶ περίπατος, ἰδίως τὴν πρωΐαν, καὶ ὕπνος ὄχι πολὺς.

Πολλοὶ ἰατροὶ συνιστοῦν ὅπως τρώγωσιν οἱ παχύσαρκοι τὰ ἐλάχιστα, πρωΐ: γάλα καὶ ἕνα αὐγό, μεσημέρι: λίγον κρέας ψητὸ καὶ χόρτα, βράδυ: φροῦτα.

Κ.

ΙΑΤΡΟΣ
ΜΙΝΩΣ Δ. ΧΑΤΖΙΔΑΚΗΣ
ΑΦΡΟΔΙΣΙΑ-ΔΕΡΜΑΤΙΚΑ
Ὁδὸς Πανεπιστημίου 12 - Ὧραι 3-6 μ. μ.
ΟΙ ΚΤΗΜΑΤΙΑΙ
Ἀπ' ὅλας τὰς ἀνάγκας των συμβουλεύονται τὴν Τράπεζαν
ΤΡΑΠΕΖΑΝ ΠΕΛΟΠΟΝΝΗΣΟΥ
H. SCHMINCKE & Co
DUSSELDORF
ΧΡΩΜΑΤΑ ΖΩΓΡΑΦΙΚΗΣ
Γενικὸς Ἀντιπρόσωπος: ΚΩΣΤΑΣ ΚΑΖΑΚΟΣ

δηγίαι. Παρακαλῶ νὰ ἀπαντήσωμεν μετ' αὐτῆς εἰς τοὺς ἀναφέροντας καὶ νὰ λάβητε πάντα τὰ μέτρα ὥστε νὰ μὴ γίνῃ καμμία κατάχρησις. Ὡς ὁ ἀποδείξας ἐνδιαφέρον διὰ τὴν Ἑλλάδα, ὁ Λόρδος Κῶρζον μοῦ ἐδήλωσεν ὅτι ἡ Ἀγγλία θὰ βοηθήσῃ τὴν Ἑλλάδα καὶ δὲν θὰ τὴν ἀφήσῃ ἀβοήθητον.

Δ. ΓΟΥΝΑΡΗΣ

Μόλις ἔλαβα αὐτὸ τὸ τηλεγράφημα ἐκάλεσα τοὺς συνεργάτας μου καὶ τοὺς ἀνεκοίνωσα τὸ περιεχόμενον. Τότε ἤμην βέβαιος ὅτι θὰ ἐλαμβάνομεν τὰ χρήματα.

Ν. ΣΤΡΑΤΟΣ. Μάλιστα.

ΠΡΩΤΟΠΑΠΑΔΑΚΗΣ. Μάλιστα, καὶ ὁ κ. Στράτος οὐδὲν ἐγνώριζεν.

ΑΥΡΙΟΝ: τὸ τέλος τῆς ἀπολογίας τοῦ Πέτρου Πρωτοπαπαδάκη.
